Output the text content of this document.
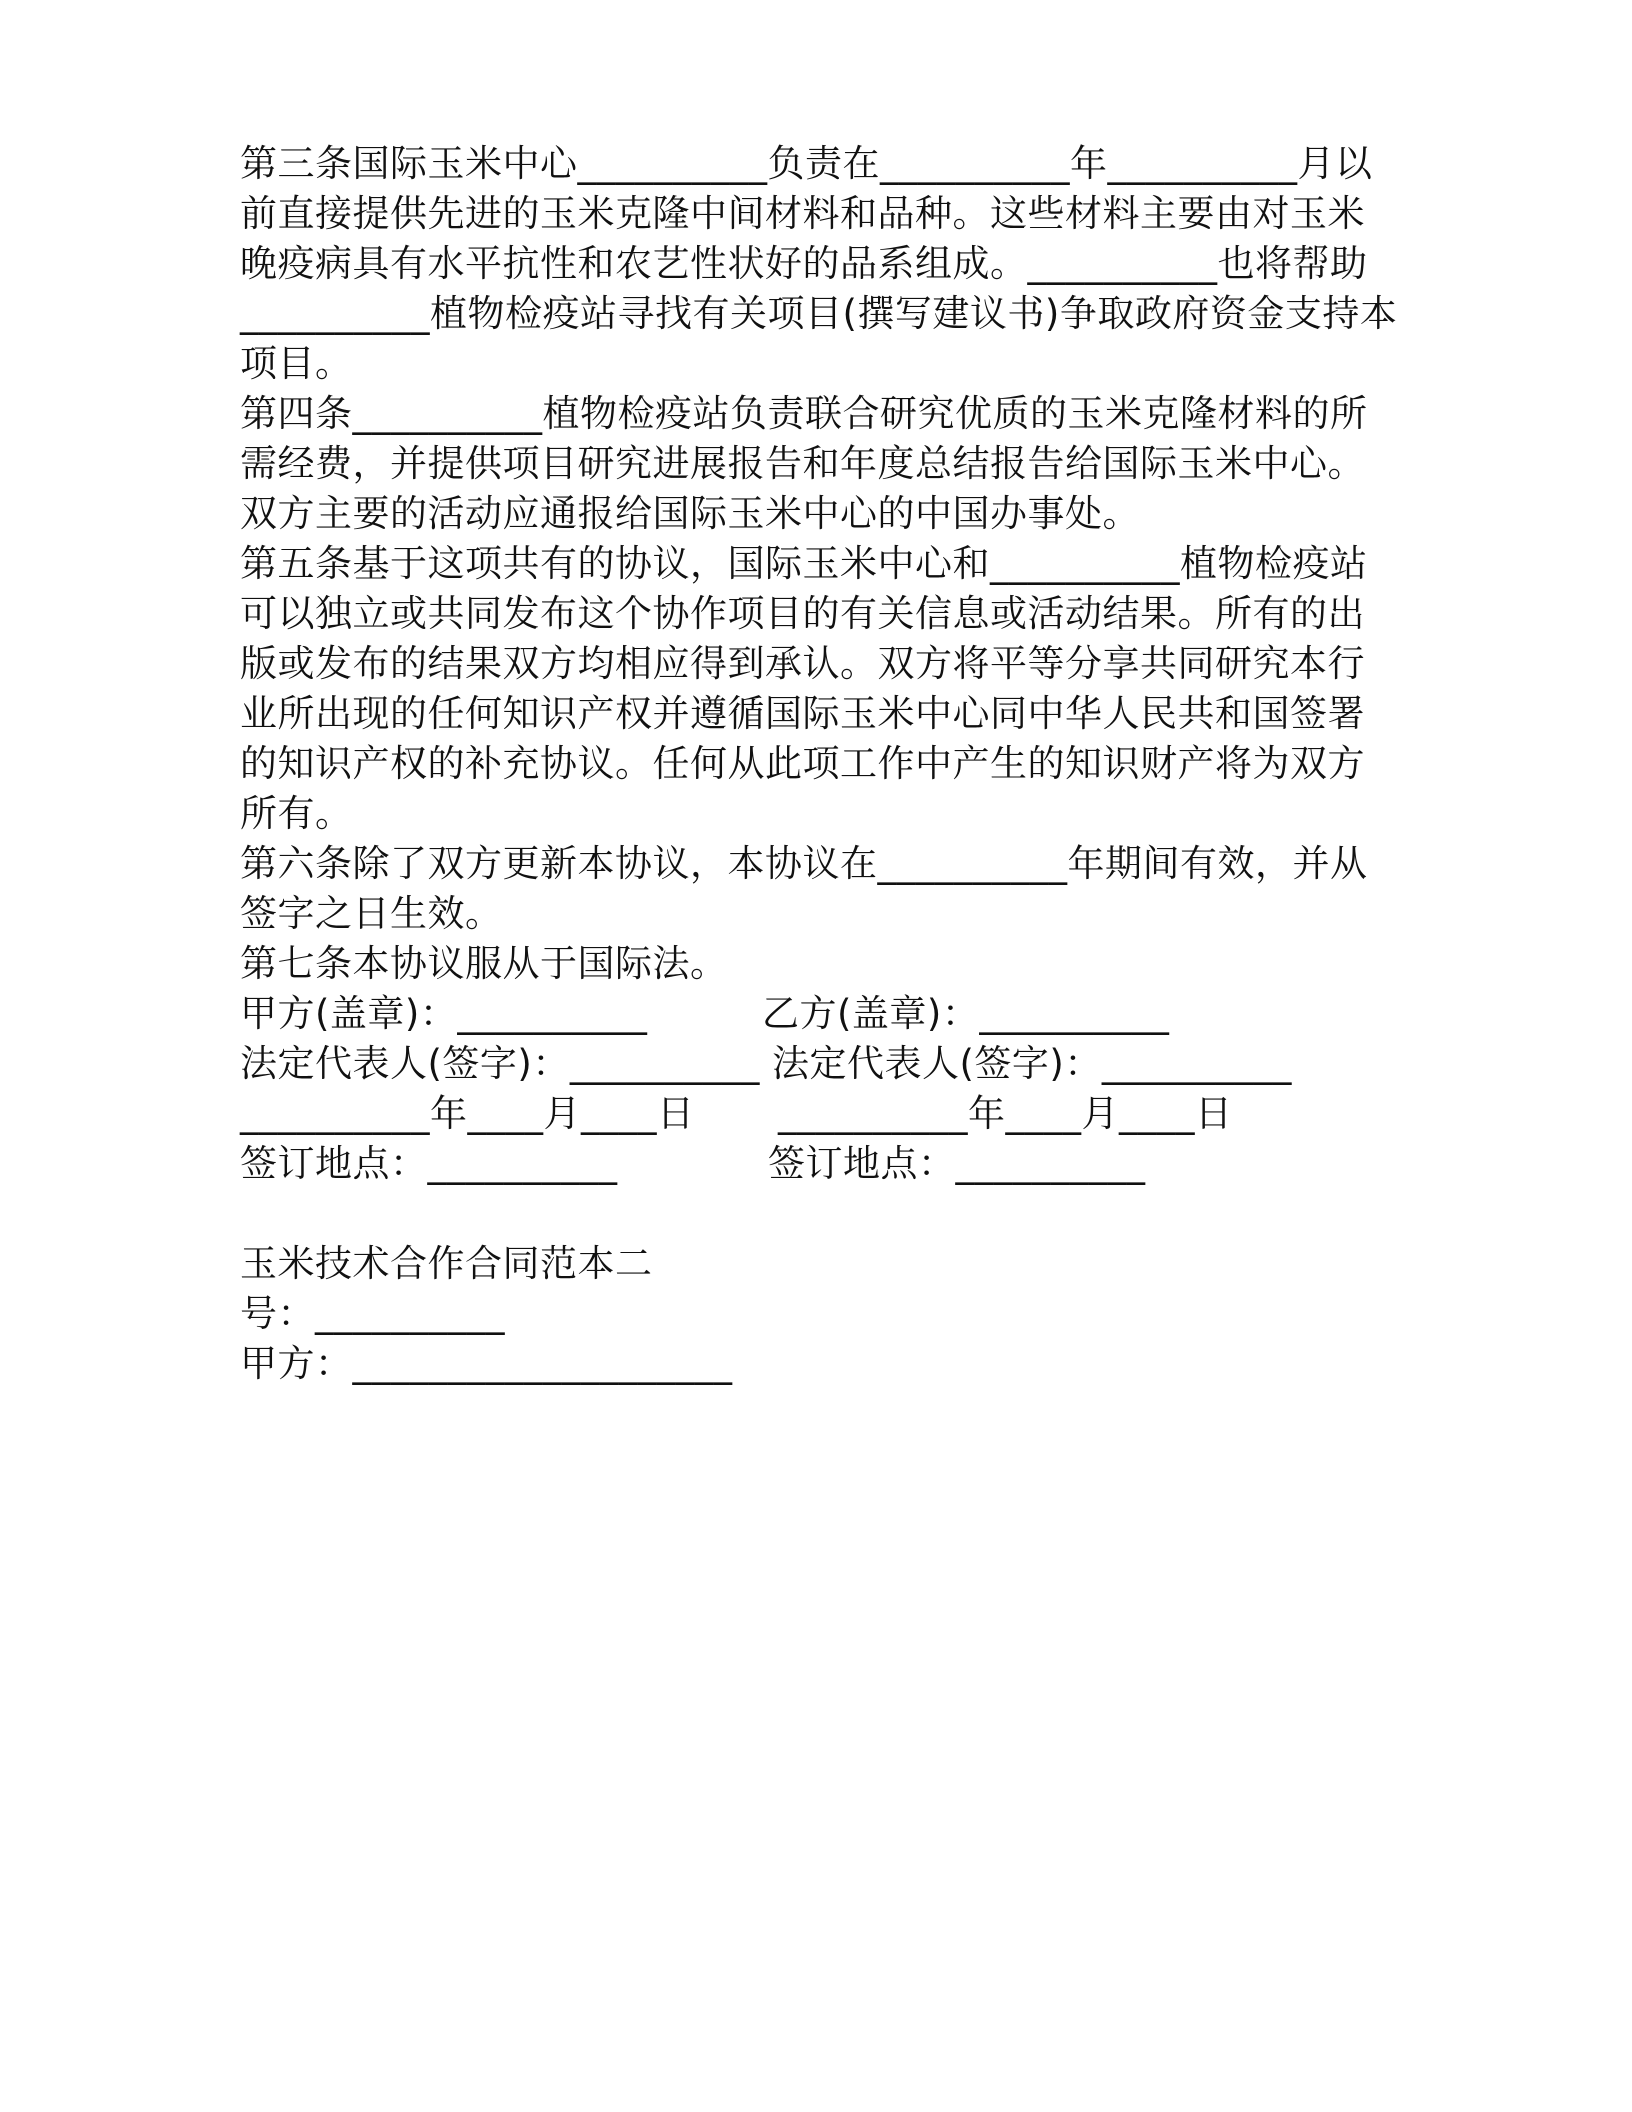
第三条国际玉米中心__________负责在__________年__________月以
前直接提供先进的玉米克隆中间材料和品种。这些材料主要由对玉米
晚疫病具有水平抗性和农艺性状好的品系组成。__________也将帮助
__________植物检疫站寻找有关项目(撰写建议书)争取政府资金支持本
项目。
第四条__________植物检疫站负责联合研究优质的玉米克隆材料的所
需经费，并提供项目研究进展报告和年度总结报告给国际玉米中心。
双方主要的活动应通报给国际玉米中心的中国办事处。
第五条基于这项共有的协议，国际玉米中心和__________植物检疫站
可以独立或共同发布这个协作项目的有关信息或活动结果。所有的出
版或发布的结果双方均相应得到承认。双方将平等分享共同研究本行
业所出现的任何知识产权并遵循国际玉米中心同中华人民共和国签署
的知识产权的补充协议。任何从此项工作中产生的知识财产将为双方
所有。
第六条除了双方更新本协议，本协议在__________年期间有效，并从
签字之日生效。
第七条本协议服从于国际法。
甲方(盖章)：__________	乙方(盖章)：__________
法定代表人(签字)：__________ 法定代表人(签字)：__________
__________年____月____日 __________年____月____日
签订地点：__________	签订地点：__________
玉米技术合作合同范本二
号：__________
甲方：____________________
